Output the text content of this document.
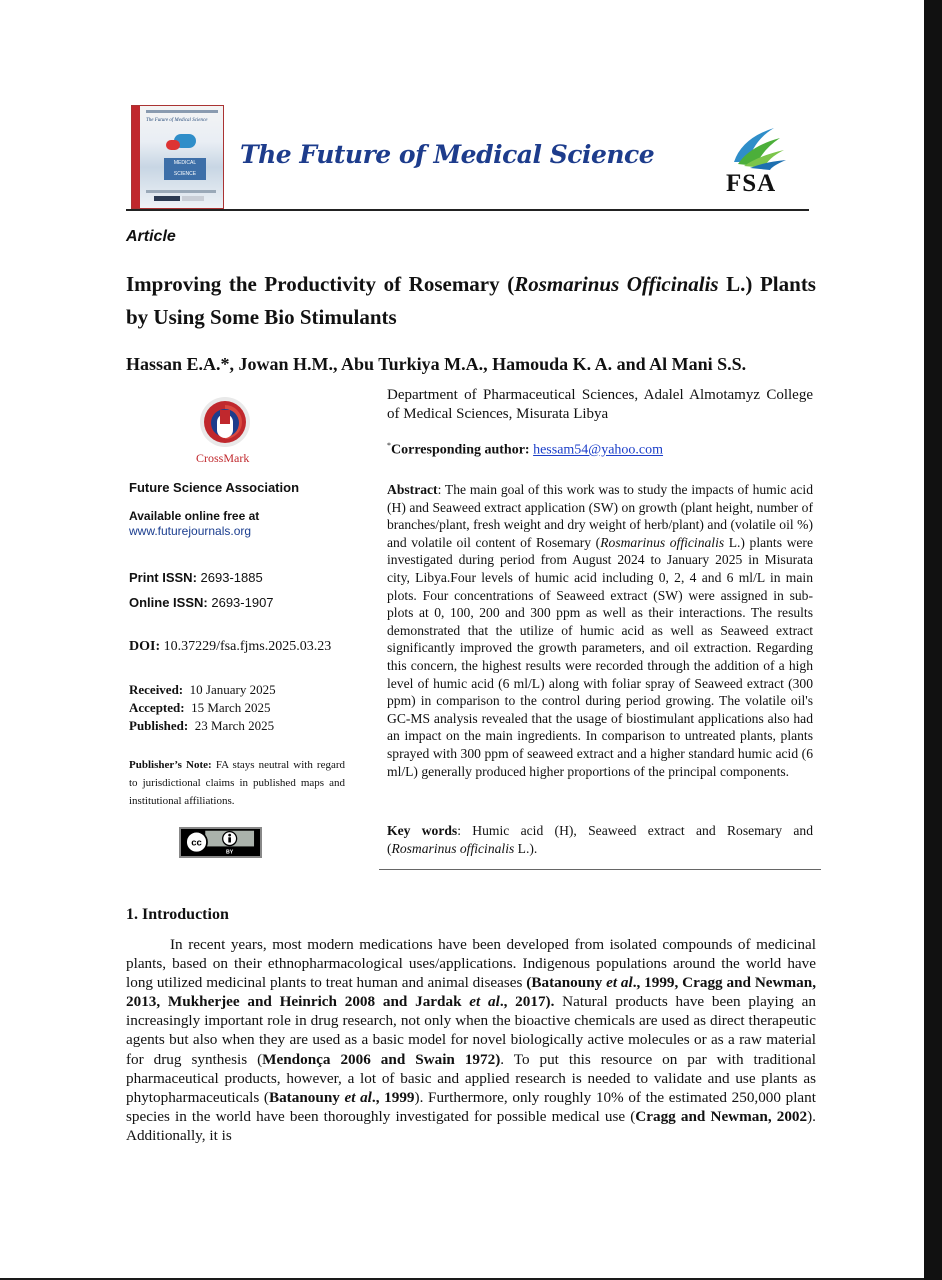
The Future of Medical Science
MEDICAL SCIENCE
The Future of Medical Science
FSA
Article
Improving the Productivity of Rosemary (Rosmarinus Officinalis L.) Plants by Using Some Bio Stimulants
Hassan E.A.*, Jowan H.M., Abu Turkiya M.A., Hamouda K. A. and Al Mani S.S.
CrossMark
Future Science Association
Available online free at
www.futurejournals.org
Print ISSN: 2693-1885
Online ISSN: 2693-1907
DOI: 10.37229/fsa.fjms.2025.03.23
Received: 10 January 2025
Accepted: 15 March 2025
Published: 23 March 2025
Publisher’s Note: FA stays neutral with regard to jurisdictional claims in published maps and institutional affiliations.
cc
BY
Department of Pharmaceutical Sciences, Adalel Almotamyz College of Medical Sciences, Misurata Libya
*Corresponding author: hessam54@yahoo.com
Abstract: The main goal of this work was to study the impacts of humic acid (H) and Seaweed extract application (SW) on growth (plant height, number of branches/plant, fresh weight and dry weight of herb/plant) and (volatile oil %) and volatile oil content of Rosemary (Rosmarinus officinalis L.) plants were investigated during period from August 2024 to January 2025 in Misurata city, Libya.Four levels of humic acid including 0, 2, 4 and 6 ml/L in main plots. Four concentrations of Seaweed extract (SW) were assigned in sub-plots at 0, 100, 200 and 300 ppm as well as their interactions. The results demonstrated that the utilize of humic acid as well as Seaweed extract significantly improved the growth parameters, and oil extraction. Regarding this concern, the highest results were recorded through the addition of a high level of humic acid (6 ml/L) along with foliar spray of Seaweed extract (300 ppm) in comparison to the control during period growing. The volatile oil's GC-MS analysis revealed that the usage of biostimulant applications also had an impact on the main ingredients. In comparison to untreated plants, plants sprayed with 300 ppm of seaweed extract and a higher standard humic acid (6 ml/L) generally produced higher proportions of the principal components.
Key words: Humic acid (H), Seaweed extract and Rosemary and (Rosmarinus officinalis L.).
1. Introduction
In recent years, most modern medications have been developed from isolated compounds of medicinal plants, based on their ethnopharmacological uses/applications. Indigenous populations around the world have long utilized medicinal plants to treat human and animal diseases (Batanouny et al., 1999, Cragg and Newman, 2013, Mukherjee and Heinrich 2008 and Jardak et al., 2017). Natural products have been playing an increasingly important role in drug research, not only when the bioactive chemicals are used as direct therapeutic agents but also when they are used as a basic model for novel biologically active molecules or as a raw material for drug synthesis (Mendonça 2006 and Swain 1972). To put this resource on par with traditional pharmaceutical products, however, a lot of basic and applied research is needed to validate and use plants as phytopharmaceuticals (Batanouny et al., 1999). Furthermore, only roughly 10% of the estimated 250,000 plant species in the world have been thoroughly investigated for possible medical use (Cragg and Newman, 2002). Additionally, it is
